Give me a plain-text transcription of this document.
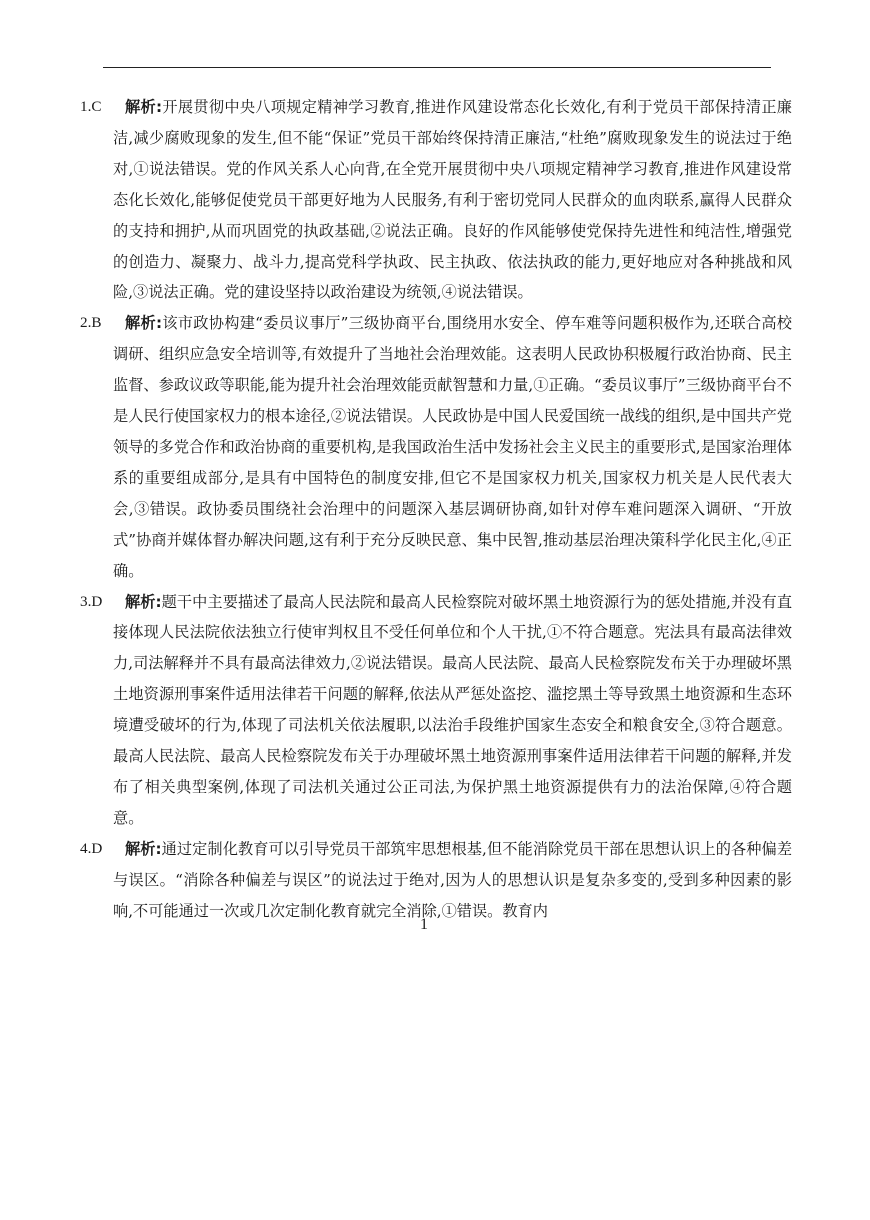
1.C 解析:开展贯彻中央八项规定精神学习教育,推进作风建设常态化长效化,有利于党员干部保持清正廉洁,减少腐败现象的发生,但不能“保证”党员干部始终保持清正廉洁,“杜绝”腐败现象发生的说法过于绝对,①说法错误。党的作风关系人心向背,在全党开展贯彻中央八项规定精神学习教育,推进作风建设常态化长效化,能够促使党员干部更好地为人民服务,有利于密切党同人民群众的血肉联系,赢得人民群众的支持和拥护,从而巩固党的执政基础,②说法正确。良好的作风能够使党保持先进性和纯洁性,增强党的创造力、凝聚力、战斗力,提高党科学执政、民主执政、依法执政的能力,更好地应对各种挑战和风险,③说法正确。党的建设坚持以政治建设为统领,④说法错误。

2.B 解析:该市政协构建“委员议事厅”三级协商平台,围绕用水安全、停车难等问题积极作为,还联合高校调研、组织应急安全培训等,有效提升了当地社会治理效能。这表明人民政协积极履行政治协商、民主监督、参政议政等职能,能为提升社会治理效能贡献智慧和力量,①正确。“委员议事厅”三级协商平台不是人民行使国家权力的根本途径,②说法错误。人民政协是中国人民爱国统一战线的组织,是中国共产党领导的多党合作和政治协商的重要机构,是我国政治生活中发扬社会主义民主的重要形式,是国家治理体系的重要组成部分,是具有中国特色的制度安排,但它不是国家权力机关,国家权力机关是人民代表大会,③错误。政协委员围绕社会治理中的问题深入基层调研协商,如针对停车难问题深入调研、“开放式”协商并媒体督办解决问题,这有利于充分反映民意、集中民智,推动基层治理决策科学化民主化,④正确。

3.D 解析:题干中主要描述了最高人民法院和最高人民检察院对破坏黑土地资源行为的惩处措施,并没有直接体现人民法院依法独立行使审判权且不受任何单位和个人干扰,①不符合题意。宪法具有最高法律效力,司法解释并不具有最高法律效力,②说法错误。最高人民法院、最高人民检察院发布关于办理破坏黑土地资源刑事案件适用法律若干问题的解释,依法从严惩处盗挖、滥挖黑土等导致黑土地资源和生态环境遭受破坏的行为,体现了司法机关依法履职,以法治手段维护国家生态安全和粮食安全,③符合题意。最高人民法院、最高人民检察院发布关于办理破坏黑土地资源刑事案件适用法律若干问题的解释,并发布了相关典型案例,体现了司法机关通过公正司法,为保护黑土地资源提供有力的法治保障,④符合题意。

4.D 解析:通过定制化教育可以引导党员干部筑牢思想根基,但不能消除党员干部在思想认识上的各种偏差与误区。“消除各种偏差与误区”的说法过于绝对,因为人的思想认识是复杂多变的,受到多种因素的影响,不可能通过一次或几次定制化教育就完全消除,①错误。教育内

1
